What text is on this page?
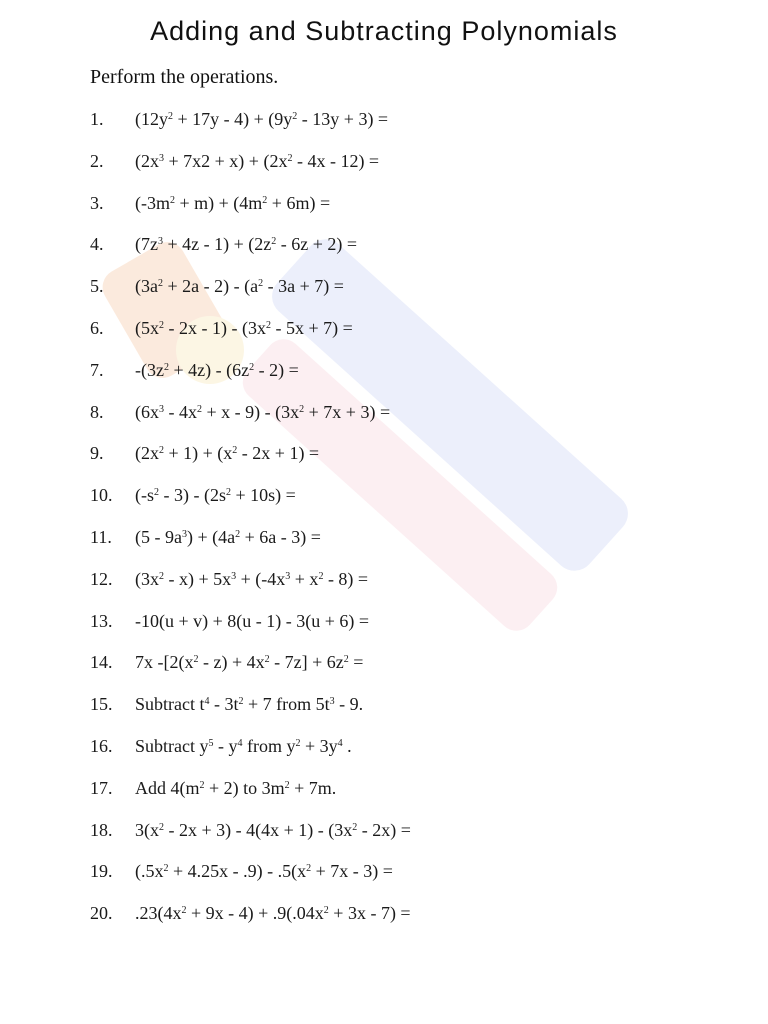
Adding and Subtracting Polynomials
Perform the operations.
1.	$(12y^2 + 17y - 4) + (9y^2 - 13y + 3)$ =
2.	$(2x^3 + 7x2 + x) + (2x^2 - 4x - 12)$ =
3.	$(-3m^2 + m) + (4m^2 + 6m)$ =
4.	$(7z^3 + 4z - 1) + (2z^2 - 6z + 2)$ =
5.	$(3a^2 + 2a - 2) - (a^2 - 3a + 7)$ =
6.	$(5x^2 - 2x - 1) - (3x^2 - 5x + 7)$ =
7.	$-(3z^2 + 4z) - (6z^2 - 2)$ =
8.	$(6x^3 - 4x^2 + x - 9) - (3x^2 + 7x + 3)$ =
9.	$(2x^2 + 1) + (x^2 - 2x + 1)$ =
10.	$(-s^2 - 3) - (2s^2 + 10s)$ =
11.	$(5 - 9a^3) + (4a^2 + 6a - 3)$ =
12.	$(3x^2 - x) + 5x^3 + (-4x^3 + x^2 - 8)$ =
13.	-10(u + v) + 8(u - 1) - 3(u + 6) =
14.	7x $-[2(x^2 - z) + 4x^2 - 7z] + 6z^2$ =
15.	Subtract $t^4 - 3t^2 + 7$ from $5t^3 - 9$.
16.	Subtract $y^5 - y^4$ from $y^2 + 3y^4$ .
17.	Add $4(m^2 + 2)$ to $3m^2 + 7m$.
18.	$3(x^2 - 2x + 3) - 4(4x + 1) - (3x^2 - 2x)$ =
19.	$(.5x^2 + 4.25x - .9) - .5(x^2 + 7x - 3)$ =
20.	$.23(4x^2 + 9x - 4) + .9(.04x^2 + 3x - 7)$ =
